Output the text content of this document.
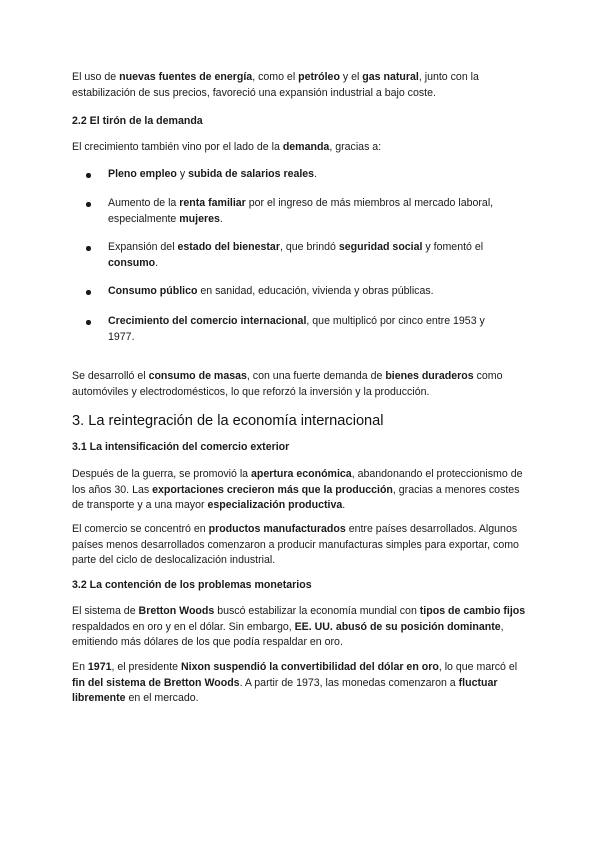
El uso de nuevas fuentes de energía, como el petróleo y el gas natural, junto con la estabilización de sus precios, favoreció una expansión industrial a bajo coste.

2.2 El tirón de la demanda

El crecimiento también vino por el lado de la demanda, gracias a:

Pleno empleo y subida de salarios reales.
Aumento de la renta familiar por el ingreso de más miembros al mercado laboral, especialmente mujeres.
Expansión del estado del bienestar, que brindó seguridad social y fomentó el consumo.
Consumo público en sanidad, educación, vivienda y obras públicas.
Crecimiento del comercio internacional, que multiplicó por cinco entre 1953 y 1977.

Se desarrolló el consumo de masas, con una fuerte demanda de bienes duraderos como automóviles y electrodomésticos, lo que reforzó la inversión y la producción.

3. La reintegración de la economía internacional

3.1 La intensificación del comercio exterior

Después de la guerra, se promovió la apertura económica, abandonando el proteccionismo de los años 30. Las exportaciones crecieron más que la producción, gracias a menores costes de transporte y a una mayor especialización productiva.

El comercio se concentró en productos manufacturados entre países desarrollados. Algunos países menos desarrollados comenzaron a producir manufacturas simples para exportar, como parte del ciclo de deslocalización industrial.

3.2 La contención de los problemas monetarios

El sistema de Bretton Woods buscó estabilizar la economía mundial con tipos de cambio fijos respaldados en oro y en el dólar. Sin embargo, EE. UU. abusó de su posición dominante, emitiendo más dólares de los que podía respaldar en oro.

En 1971, el presidente Nixon suspendió la convertibilidad del dólar en oro, lo que marcó el fin del sistema de Bretton Woods. A partir de 1973, las monedas comenzaron a fluctuar libremente en el mercado.
